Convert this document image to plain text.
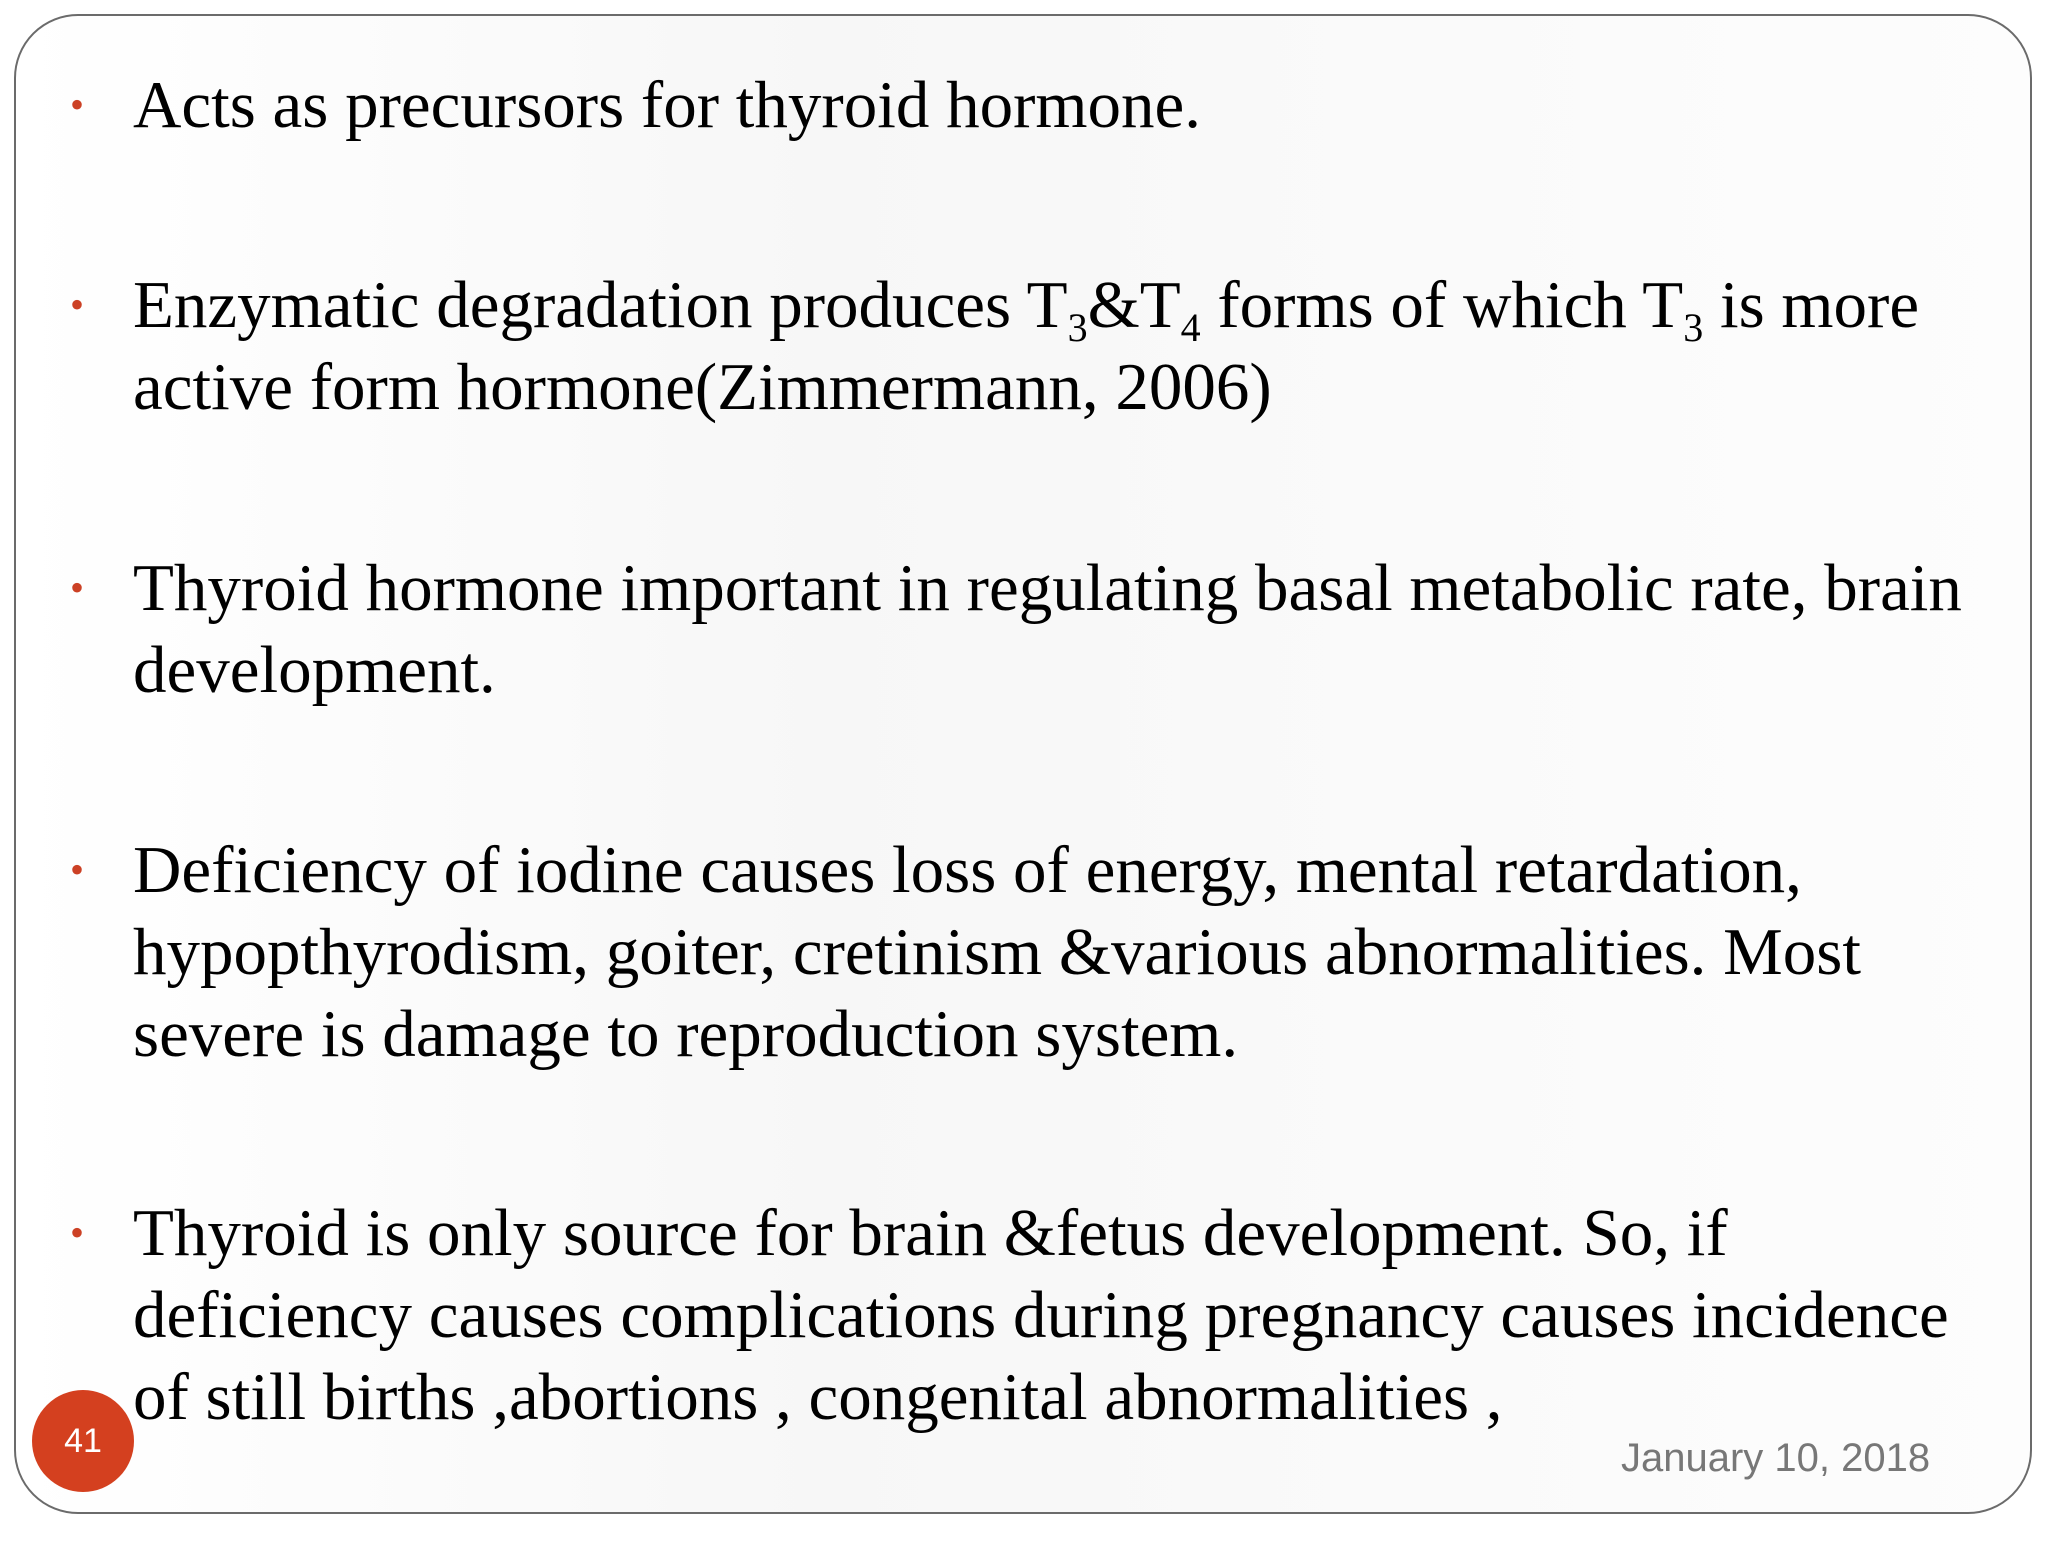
• Acts as precursors for thyroid hormone.
• Enzymatic degradation produces $T_3\&T_4$ forms of which $T_3$ is more active form hormone(Zimmermann, 2006)
• Thyroid hormone important in regulating basal metabolic rate, brain development.
• Deficiency of iodine causes loss of energy, mental retardation, hypopthyrodism, goiter, cretinism &various abnormalities. Most severe is damage to reproduction system.
• Thyroid is only source for brain &fetus development. So, if deficiency causes complications during pregnancy causes incidence of still births ,abortions , congenital abnormalities ,
January 10, 2018
41
